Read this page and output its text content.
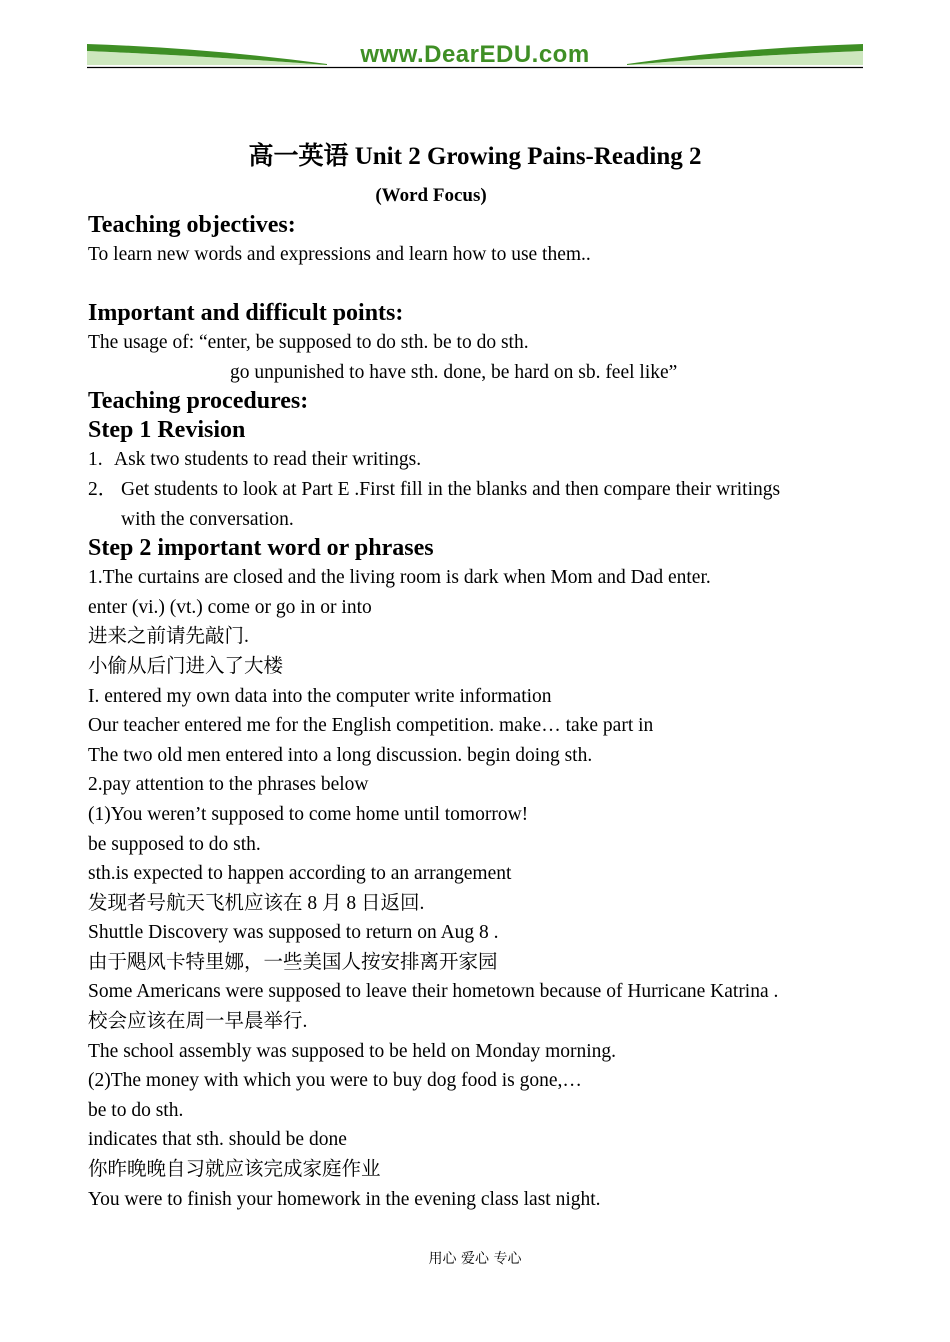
www.DearEDU.com
高一英语 Unit 2 Growing Pains-Reading 2
(Word Focus)
Teaching objectives:
To learn new words and expressions and learn how to use them..
Important and difficult points:
The usage of: “enter, be supposed to do sth. be to do sth.
go unpunished to have sth. done, be hard on sb. feel like”
Teaching procedures:
Step 1 Revision
1. Ask two students to read their writings.
2． Get students to look at Part E .First fill in the blanks and then compare their writings
with the conversation.
Step 2 important word or phrases
1.The curtains are closed and the living room is dark when Mom and Dad enter.
enter (vi.) (vt.) come or go in or into
进来之前请先敲门.
小偷从后门进入了大楼
I. entered my own data into the computer write information
Our teacher entered me for the English competition. make… take part in
The two old men entered into a long discussion. begin doing sth.
2.pay attention to the phrases below
(1)You weren’t supposed to come home until tomorrow!
be supposed to do sth.
sth.is expected to happen according to an arrangement
发现者号航天飞机应该在 8 月 8 日返回.
Shuttle Discovery was supposed to return on Aug 8 .
由于飓风卡特里娜，一些美国人按安排离开家园
Some Americans were supposed to leave their hometown because of Hurricane Katrina .
校会应该在周一早晨举行.
The school assembly was supposed to be held on Monday morning.
(2)The money with which you were to buy dog food is gone,…
be to do sth.
indicates that sth. should be done
你昨晚晚自习就应该完成家庭作业
You were to finish your homework in the evening class last night.
用心 爱心 专心
